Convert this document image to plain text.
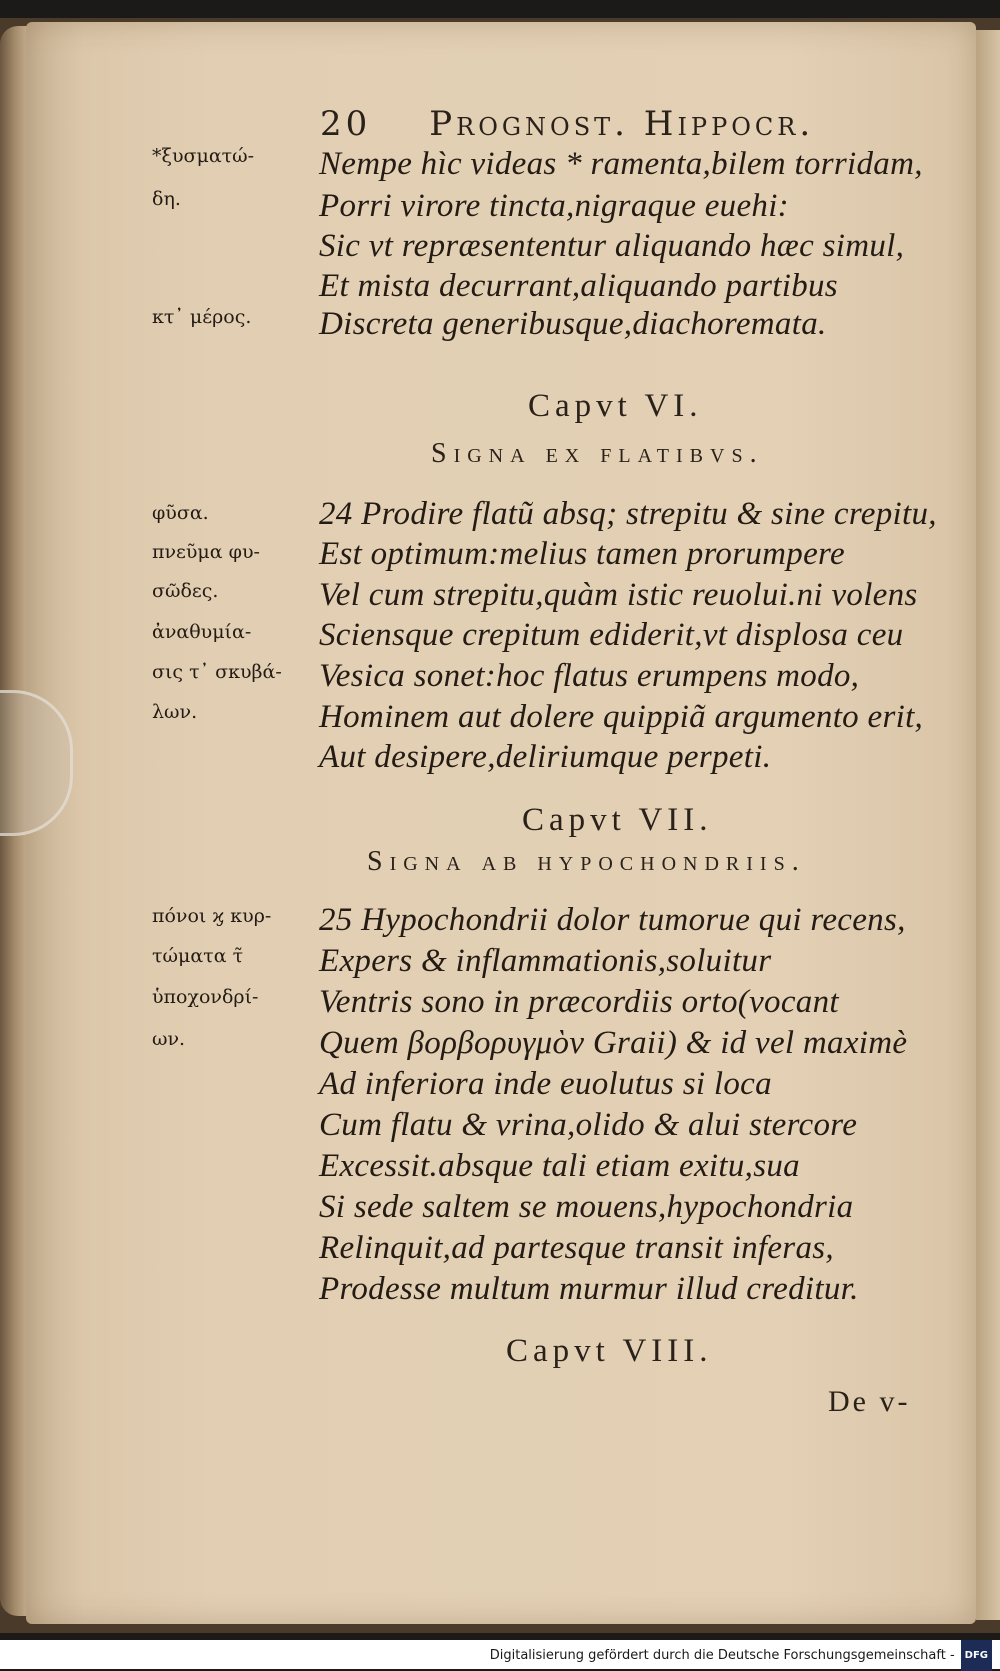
20 Prognost. Hippocr.
*ξυσματώ-
δη.
κτ᾽ μέρος.
φῦσα.
πνεῦμα φυ-
σῶδες.
ἀναθυμία-
σις τ᾽ σκυβά-
λων.
πόνοι ϗ κυρ-
τώματα τ̃
ὑποχονδρί-
ων.
Nempe hìc videas * ramenta,bilem torridam,
Porri virore tincta,nigraque euehi:
Sic vt repræsententur aliquando hæc simul,
Et mista decurrant,aliquando partibus
Discreta generibusque,diachoremata.
Capvt VI.
Signa ex flatibvs.
24 Prodire flatũ absq; strepitu & sine crepitu,
Est optimum:melius tamen prorumpere
Vel cum strepitu,quàm istic reuolui.ni volens
Sciensque crepitum ediderit,vt displosa ceu
Vesica sonet:hoc flatus erumpens modo,
Hominem aut dolere quippiã argumento erit,
Aut desipere,deliriumque perpeti.
Capvt VII.
Signa ab hypochondriis.
25 Hypochondrii dolor tumorue qui recens,
Expers & inflammationis,soluitur
Ventris sono in præcordiis orto(vocant
Quem βορβορυγμὸν Graii) & id vel maximè
Ad inferiora inde euolutus si loca
Cum flatu & vrina,olido & alui stercore
Excessit.absque tali etiam exitu,sua
Si sede saltem se mouens,hypochondria
Relinquit,ad partesque transit inferas,
Prodesse multum murmur illud creditur.
Capvt VIII.
De v-
Digitalisierung gefördert durch die Deutsche Forschungsgemeinschaft - DFG
